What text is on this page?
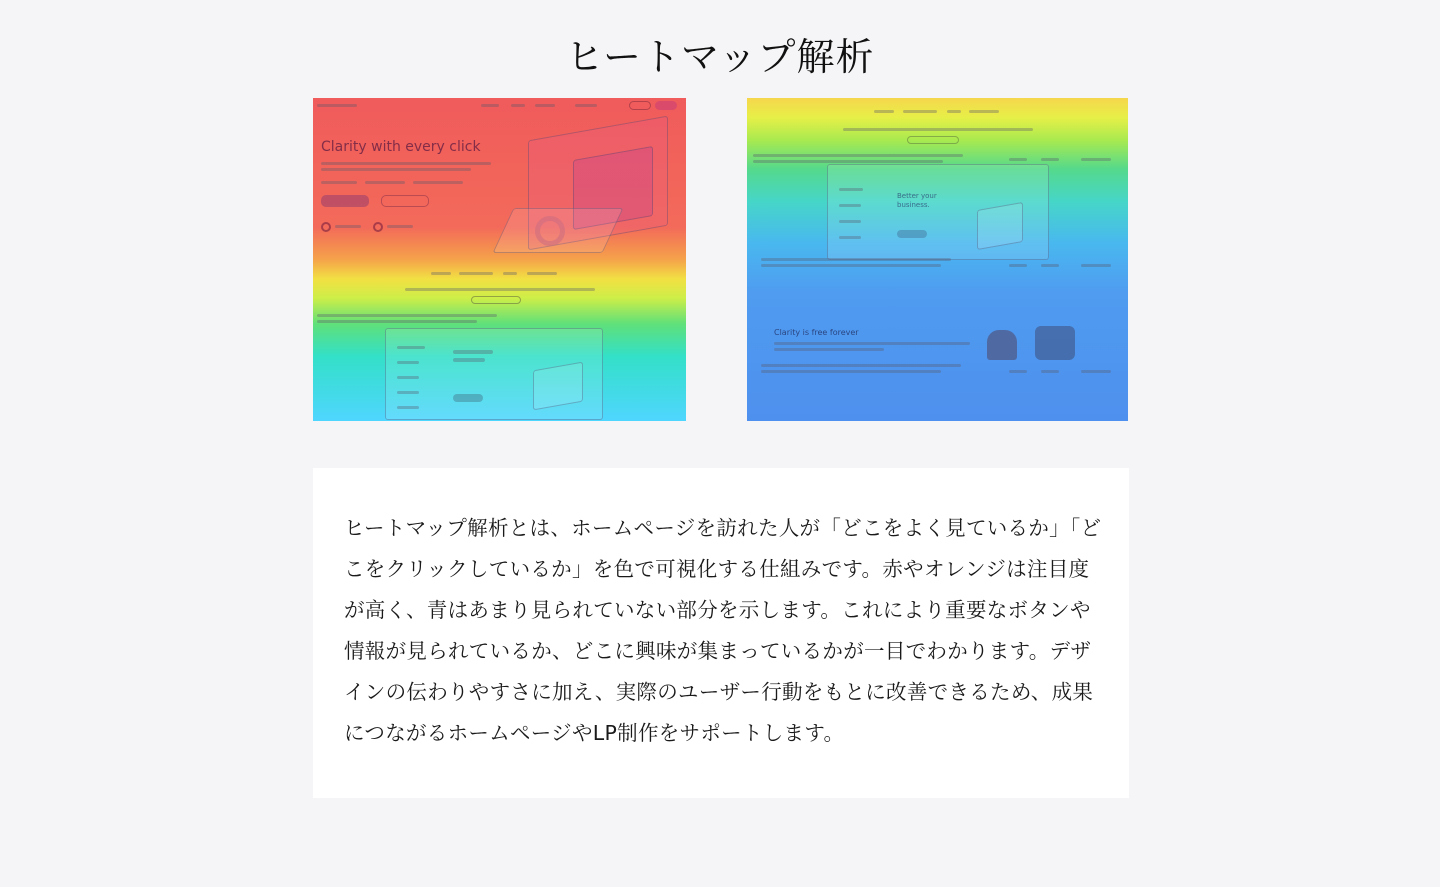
ヒートマップ解析
Clarity with every click
Better your business.
Clarity is free forever

ヒートマップ解析とは、ホームページを訪れた人が「どこをよく見ているか」「どこをクリックしているか」を色で可視化する仕組みです。赤やオレンジは注目度が高く、青はあまり見られていない部分を示します。これにより重要なボタンや情報が見られているか、どこに興味が集まっているかが一目でわかります。デザインの伝わりやすさに加え、実際のユーザー行動をもとに改善できるため、成果につながるホームページやLP制作をサポートします。
